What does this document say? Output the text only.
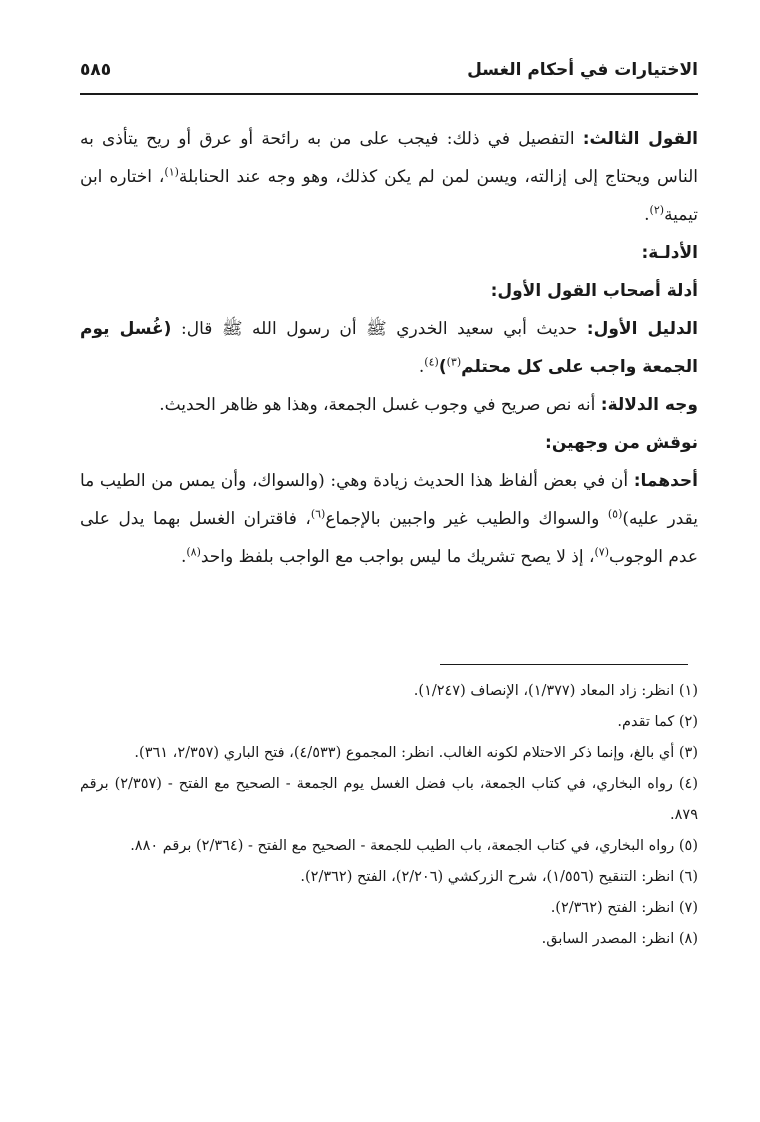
الاختيارات في أحكام الغسل
٥٨٥

القول الثالث: التفصيل في ذلك: فيجب على من به رائحة أو عرق أو ريح يتأذى به الناس ويحتاج إلى إزالته، ويسن لمن لم يكن كذلك، وهو وجه عند الحنابلة$^{(١)}$، اختاره ابن تيمية$^{(٢)}$.

الأدلـة:

أدلة أصحاب القول الأول:

الدليل الأول: حديث أبي سعيد الخدري ﷺ أن رسول الله ﷺ قال: (غُسل يوم الجمعة واجب على كل محتلم$^{(٣)}$)$^{(٤)}$.

وجه الدلالة: أنه نص صريح في وجوب غسل الجمعة، وهذا هو ظاهر الحديث.

نوقش من وجهين:

أحدهما: أن في بعض ألفاظ هذا الحديث زيادة وهي: (والسواك، وأن يمس من الطيب ما يقدر عليه)$^{(٥)}$ والسواك والطيب غير واجبين بالإجماع$^{(٦)}$، فاقتران الغسل بهما يدل على عدم الوجوب$^{(٧)}$، إذ لا يصح تشريك ما ليس بواجب مع الواجب بلفظ واحد$^{(٨)}$.

(١) انظر: زاد المعاد (١/٣٧٧)، الإنصاف (١/٢٤٧).

(٢) كما تقدم.

(٣) أي بالغ، وإنما ذكر الاحتلام لكونه الغالب. انظر: المجموع (٤/٥٣٣)، فتح الباري (٢/٣٥٧، ٣٦١).

(٤) رواه البخاري، في كتاب الجمعة، باب فضل الغسل يوم الجمعة - الصحيح مع الفتح - (٢/٣٥٧) برقم ٨٧٩.

(٥) رواه البخاري، في كتاب الجمعة، باب الطيب للجمعة - الصحيح مع الفتح - (٢/٣٦٤) برقم ٨٨٠.

(٦) انظر: التنقيح (١/٥٥٦)، شرح الزركشي (٢/٢٠٦)، الفتح (٢/٣٦٢).

(٧) انظر: الفتح (٢/٣٦٢).

(٨) انظر: المصدر السابق.
